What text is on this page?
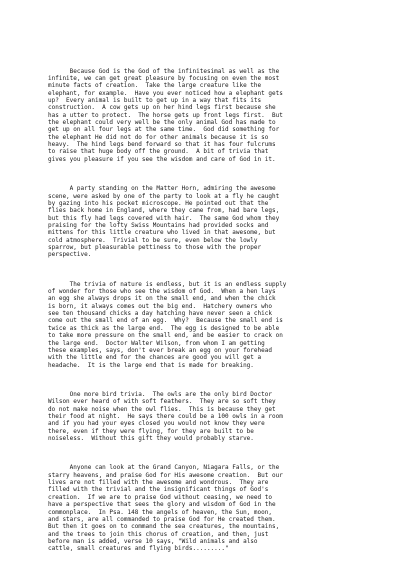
Because God is the God of the infinitesimal as well as the
infinite, we can get great pleasure by focusing on even the most
minute facts of creation.  Take the large creature like the
elephant, for example.  Have you ever noticed how a elephant gets
up?  Every animal is built to get up in a way that fits its
construction.  A cow gets up on her hind legs first because she
has a utter to protect.  The horse gets up front legs first.  But
the elephant could very well be the only animal God has made to
get up on all four legs at the same time.  God did something for
the elephant He did not do for other animals because it is so
heavy.  The hind legs bend forward so that it has four fulcrums
to raise that huge body off the ground.  A bit of trivia that
gives you pleasure if you see the wisdom and care of God in it.

A party standing on the Matter Horn, admiring the awesome
scene, were asked by one of the party to look at a fly he caught
by gazing into his pocket microscope. He pointed out that the
flies back home in England, where they came from, had bare legs,
but this fly had legs covered with hair.  The same God whom they
praising for the lofty Swiss Mountains had provided socks and
mittens for this little creature who lived in that awesome, but
cold atmosphere.  Trivial to be sure, even below the lowly
sparrow, but pleasurable pettiness to those with the proper
perspective.

The trivia of nature is endless, but it is an endless supply
of wonder for those who see the wisdom of God.  When a hen lays
an egg she always drops it on the small end, and when the chick
is born, it always comes out the big end.  Hatchery owners who
see ten thousand chicks a day hatching have never seen a chick
come out the small end of an egg.  Why?  Because the small end is
twice as thick as the large end.  The egg is designed to be able
to take more pressure on the small end, and be easier to crack on
the large end.  Doctor Walter Wilson, from whom I am getting
these examples, says, don't ever break an egg on your forehead
with the little end for the chances are good you will get a
headache.  It is the large end that is made for breaking.

One more bird trivia.  The owls are the only bird Doctor
Wilson ever heard of with soft feathers.  They are so soft they
do not make noise when the owl flies.  This is because they get
their food at night.  He says there could be a 100 owls in a room
and if you had your eyes closed you would not know they were
there, even if they were flying, for they are built to be
noiseless.  Without this gift they would probably starve.

Anyone can look at the Grand Canyon, Niagara Falls, or the
starry heavens, and praise God for His awesome creation.  But our
lives are not filled with the awesome and wondrous.  They are
filled with the trivial and the insignificant things of God's
creation.  If we are to praise God without ceasing, we need to
have a perspective that sees the glory and wisdom of God in the
commonplace.  In Psa. 148 the angels of heaven, the Sun, moon,
and stars, are all commanded to praise God for He created them.
But then it goes on to command the sea creatures, the mountains,
and the trees to join this chorus of creation, and then, just
before man is added, verse 10 says, "Wild animals and also
cattle, small creatures and flying birds........."
